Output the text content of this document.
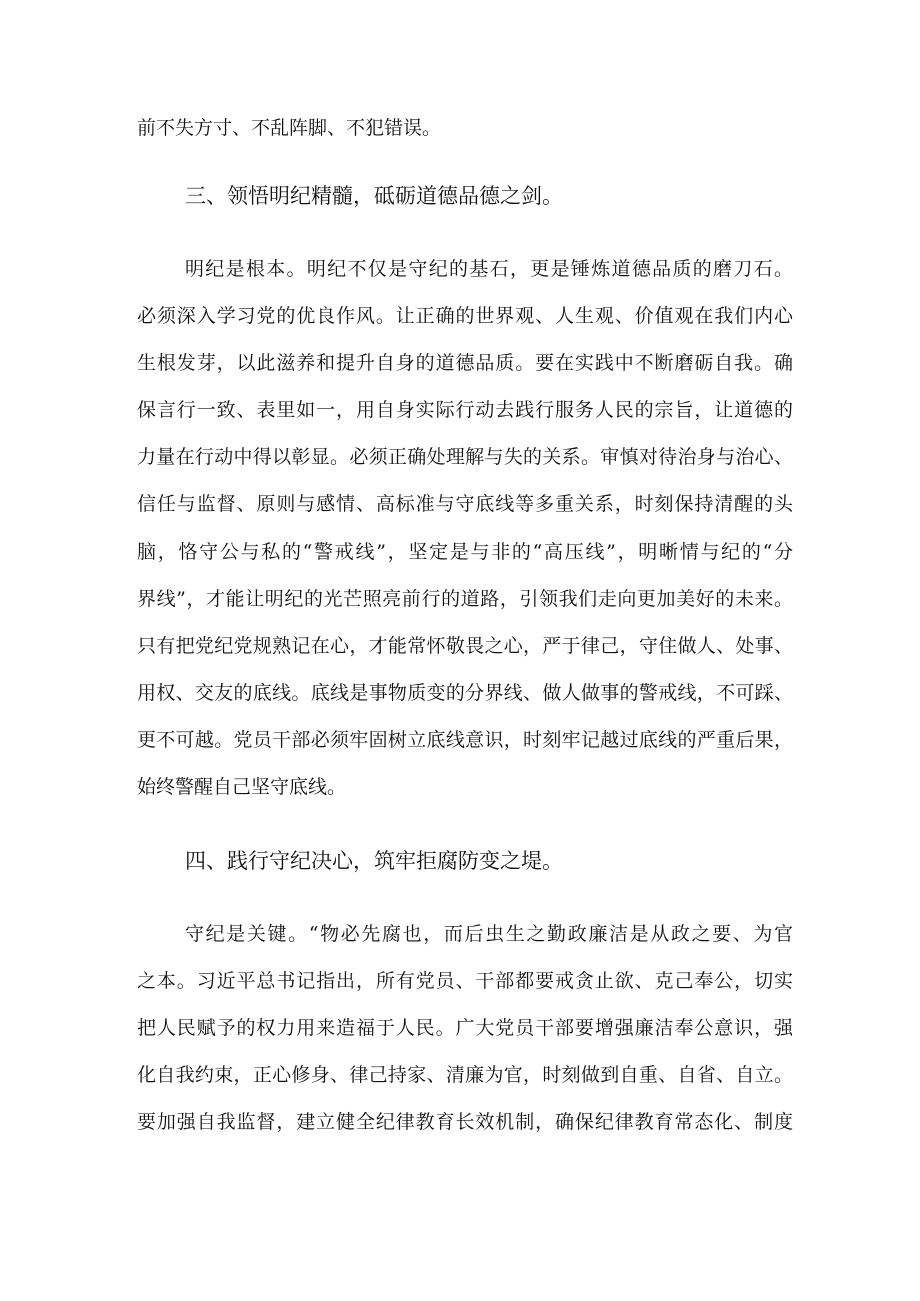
前不失方寸、不乱阵脚、不犯错误。
三、领悟明纪精髓，砥砺道德品德之剑。
明纪是根本。明纪不仅是守纪的基石，更是锤炼道德品质的磨刀石。
必须深入学习党的优良作风。让正确的世界观、人生观、价值观在我们内心
生根发芽，以此滋养和提升自身的道德品质。要在实践中不断磨砺自我。确
保言行一致、表里如一，用自身实际行动去践行服务人民的宗旨，让道德的
力量在行动中得以彰显。必须正确处理解与失的关系。审慎对待治身与治心、
信任与监督、原则与感情、高标准与守底线等多重关系，时刻保持清醒的头
脑，恪守公与私的“警戒线”，坚定是与非的“高压线”，明晰情与纪的“分
界线”，才能让明纪的光芒照亮前行的道路，引领我们走向更加美好的未来。
只有把党纪党规熟记在心，才能常怀敬畏之心，严于律己，守住做人、处事、
用权、交友的底线。底线是事物质变的分界线、做人做事的警戒线，不可踩、
更不可越。党员干部必须牢固树立底线意识，时刻牢记越过底线的严重后果，
始终警醒自己坚守底线。
四、践行守纪决心，筑牢拒腐防变之堤。
守纪是关键。“物必先腐也，而后虫生之勤政廉洁是从政之要、为官
之本。习近平总书记指出，所有党员、干部都要戒贪止欲、克己奉公，切实
把人民赋予的权力用来造福于人民。广大党员干部要增强廉洁奉公意识，强
化自我约束，正心修身、律己持家、清廉为官，时刻做到自重、自省、自立。
要加强自我监督，建立健全纪律教育长效机制，确保纪律教育常态化、制度
